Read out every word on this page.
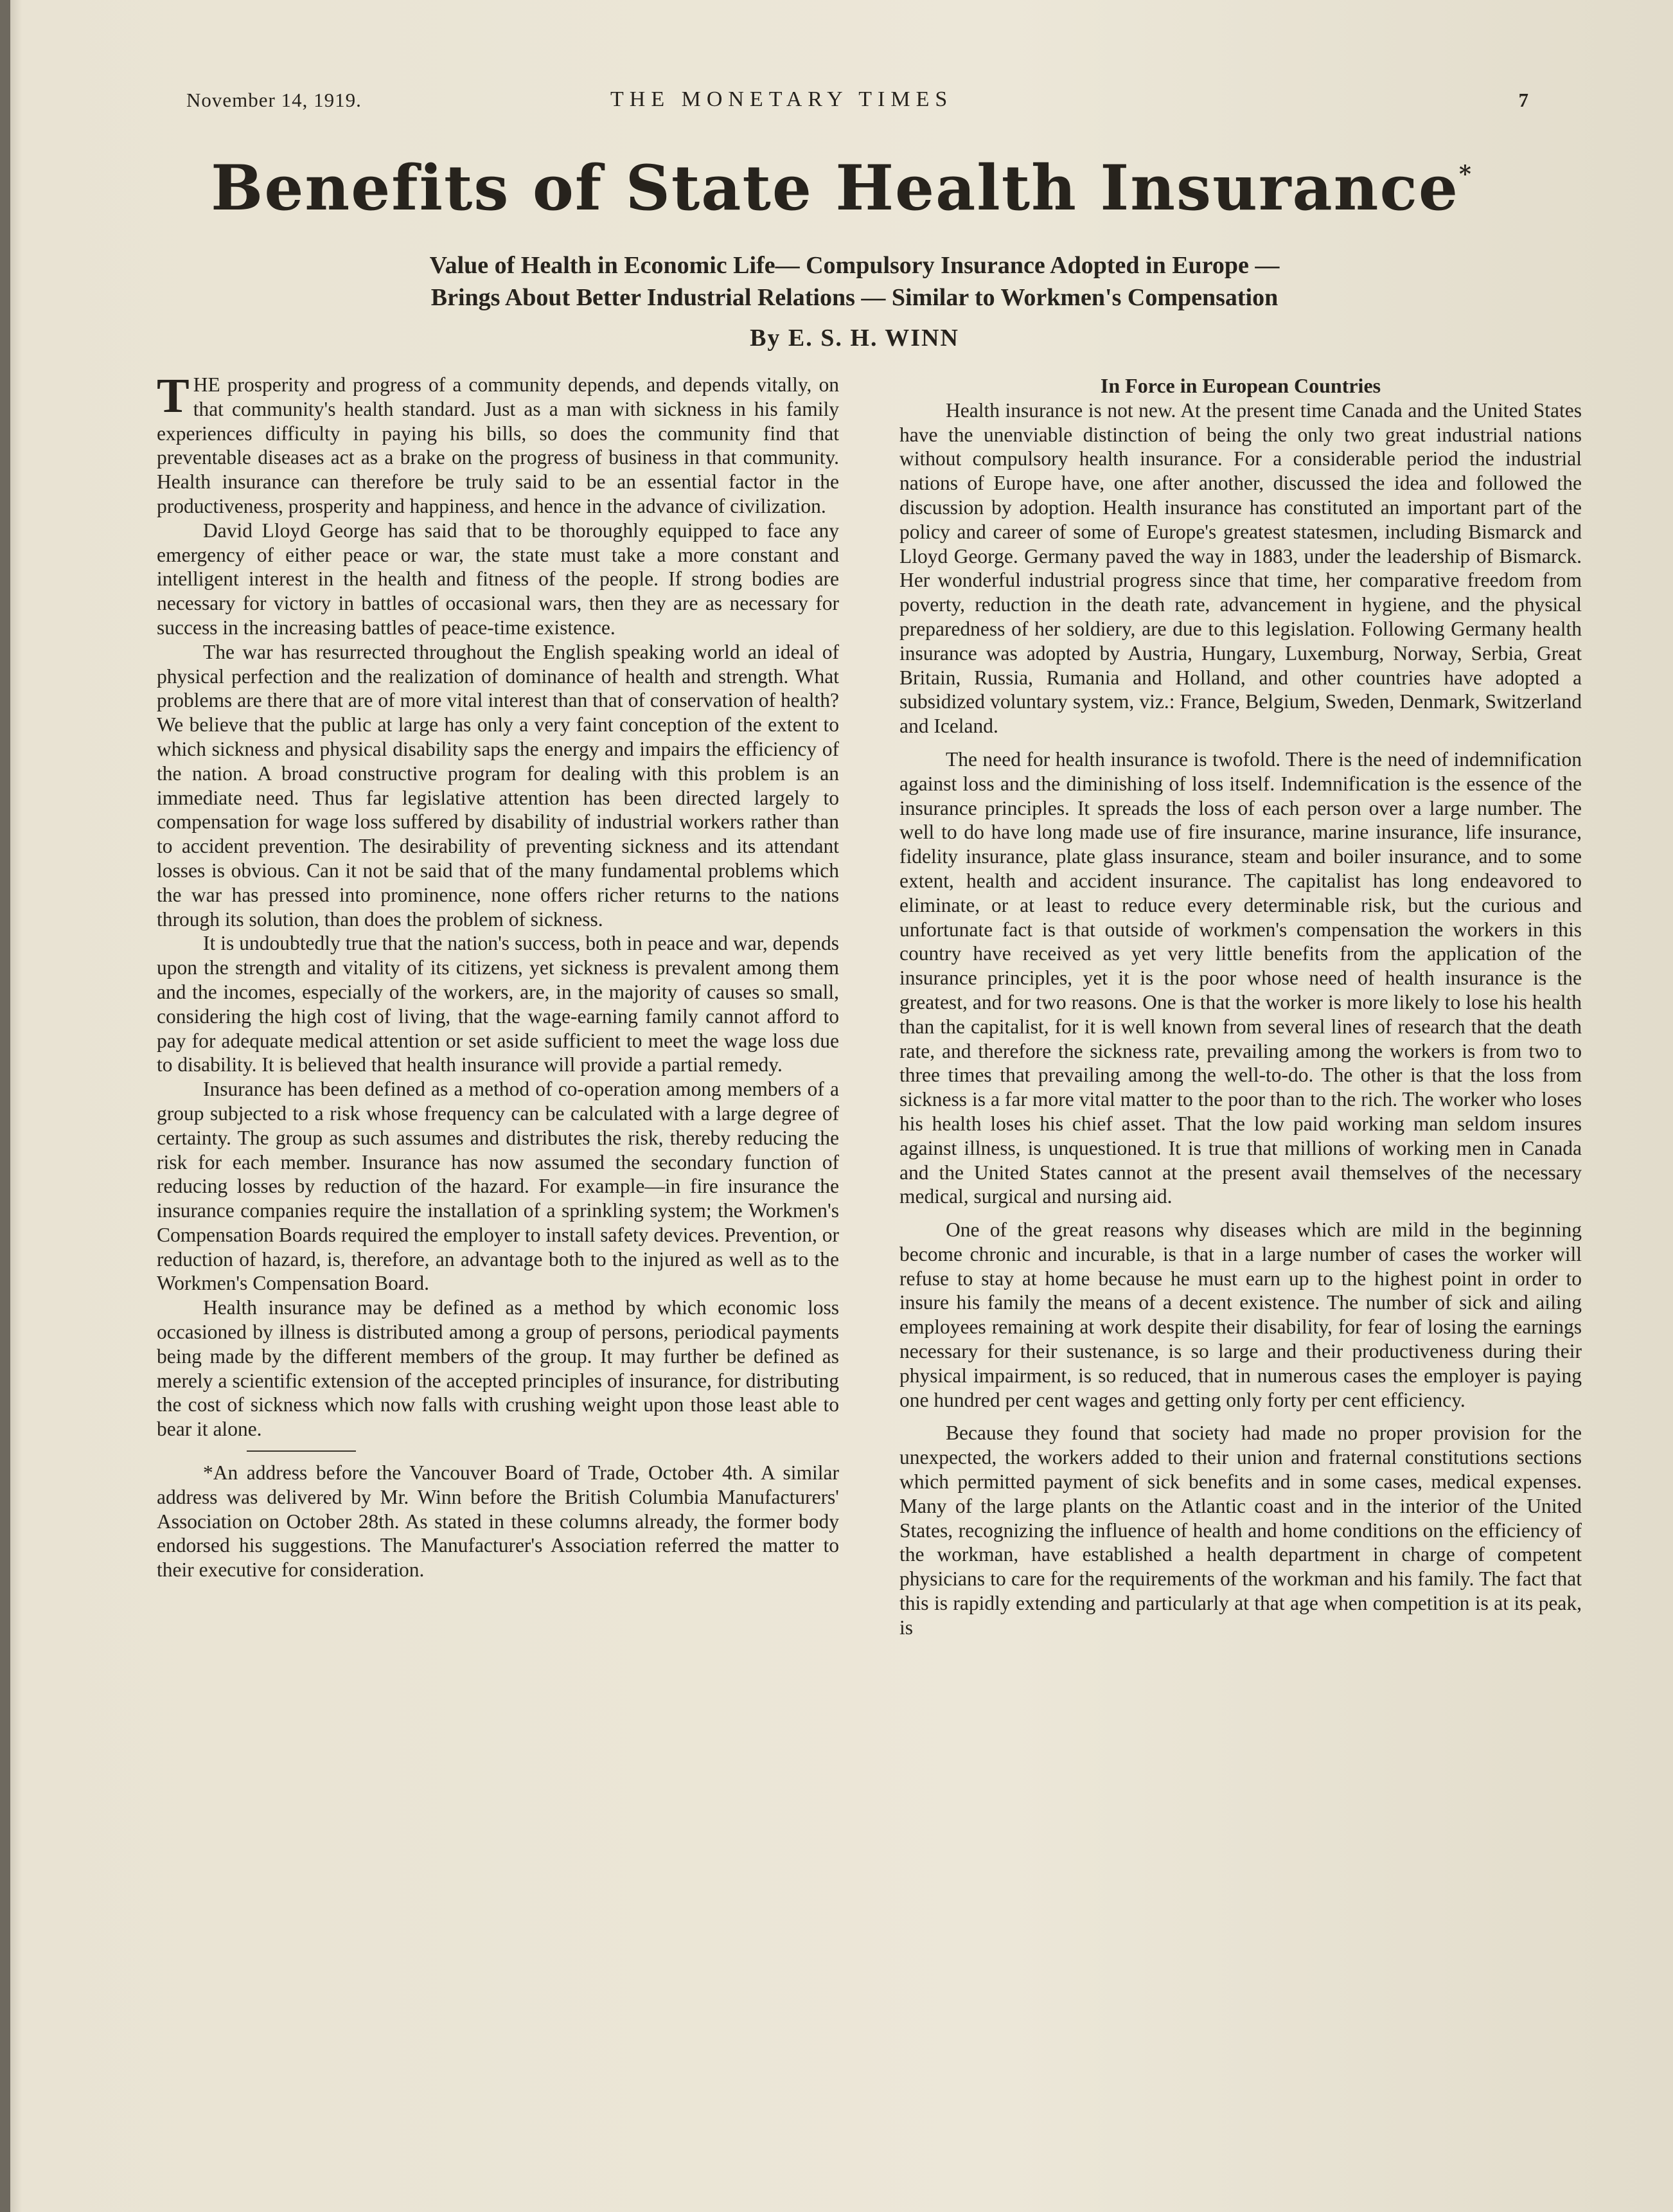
November 14, 1919.	THE MONETARY TIMES	7
Benefits of State Health Insurance*
Value of Health in Economic Life— Compulsory Insurance Adopted in Europe —
Brings About Better Industrial Relations — Similar to Workmen's Compensation
By E. S. H. WINN

THE prosperity and progress of a community depends, and depends vitally, on that community's health standard. Just as a man with sickness in his family experiences difficulty in paying his bills, so does the community find that preventable diseases act as a brake on the progress of business in that community. Health insurance can therefore be truly said to be an essential factor in the productiveness, prosperity and happiness, and hence in the advance of civilization.

David Lloyd George has said that to be thoroughly equipped to face any emergency of either peace or war, the state must take a more constant and intelligent interest in the health and fitness of the people. If strong bodies are necessary for victory in battles of occasional wars, then they are as necessary for success in the increasing battles of peace-time existence.

The war has resurrected throughout the English speaking world an ideal of physical perfection and the realization of dominance of health and strength. What problems are there that are of more vital interest than that of conservation of health? We believe that the public at large has only a very faint conception of the extent to which sickness and physical disability saps the energy and impairs the efficiency of the nation. A broad constructive program for dealing with this problem is an immediate need. Thus far legislative attention has been directed largely to compensation for wage loss suffered by disability of industrial workers rather than to accident prevention. The desirability of preventing sickness and its attendant losses is obvious. Can it not be said that of the many fundamental problems which the war has pressed into prominence, none offers richer returns to the nations through its solution, than does the problem of sickness.

It is undoubtedly true that the nation's success, both in peace and war, depends upon the strength and vitality of its citizens, yet sickness is prevalent among them and the incomes, especially of the workers, are, in the majority of causes so small, considering the high cost of living, that the wage-earning family cannot afford to pay for adequate medical attention or set aside sufficient to meet the wage loss due to disability. It is believed that health insurance will provide a partial remedy.

Insurance has been defined as a method of co-operation among members of a group subjected to a risk whose frequency can be calculated with a large degree of certainty. The group as such assumes and distributes the risk, thereby reducing the risk for each member. Insurance has now assumed the secondary function of reducing losses by reduction of the hazard. For example—in fire insurance the insurance companies require the installation of a sprinkling system; the Workmen's Compensation Boards required the employer to install safety devices. Prevention, or reduction of hazard, is, therefore, an advantage both to the injured as well as to the Workmen's Compensation Board.

Health insurance may be defined as a method by which economic loss occasioned by illness is distributed among a group of persons, periodical payments being made by the different members of the group. It may further be defined as merely a scientific extension of the accepted principles of insurance, for distributing the cost of sickness which now falls with crushing weight upon those least able to bear it alone.

*An address before the Vancouver Board of Trade, October 4th. A similar address was delivered by Mr. Winn before the British Columbia Manufacturers' Association on October 28th. As stated in these columns already, the former body endorsed his suggestions. The Manufacturer's Association referred the matter to their executive for consideration.

In Force in European Countries

Health insurance is not new. At the present time Canada and the United States have the unenviable distinction of being the only two great industrial nations without compulsory health insurance. For a considerable period the industrial nations of Europe have, one after another, discussed the idea and followed the discussion by adoption. Health insurance has constituted an important part of the policy and career of some of Europe's greatest statesmen, including Bismarck and Lloyd George. Germany paved the way in 1883, under the leadership of Bismarck. Her wonderful industrial progress since that time, her comparative freedom from poverty, reduction in the death rate, advancement in hygiene, and the physical preparedness of her soldiery, are due to this legislation. Following Germany health insurance was adopted by Austria, Hungary, Luxemburg, Norway, Serbia, Great Britain, Russia, Rumania and Holland, and other countries have adopted a subsidized voluntary system, viz.: France, Belgium, Sweden, Denmark, Switzerland and Iceland.

The need for health insurance is twofold. There is the need of indemnification against loss and the diminishing of loss itself. Indemnification is the essence of the insurance principles. It spreads the loss of each person over a large number. The well to do have long made use of fire insurance, marine insurance, life insurance, fidelity insurance, plate glass insurance, steam and boiler insurance, and to some extent, health and accident insurance. The capitalist has long endeavored to eliminate, or at least to reduce every determinable risk, but the curious and unfortunate fact is that outside of workmen's compensation the workers in this country have received as yet very little benefits from the application of the insurance principles, yet it is the poor whose need of health insurance is the greatest, and for two reasons. One is that the worker is more likely to lose his health than the capitalist, for it is well known from several lines of research that the death rate, and therefore the sickness rate, prevailing among the workers is from two to three times that prevailing among the well-to-do. The other is that the loss from sickness is a far more vital matter to the poor than to the rich. The worker who loses his health loses his chief asset. That the low paid working man seldom insures against illness, is unquestioned. It is true that millions of working men in Canada and the United States cannot at the present avail themselves of the necessary medical, surgical and nursing aid.

One of the great reasons why diseases which are mild in the beginning become chronic and incurable, is that in a large number of cases the worker will refuse to stay at home because he must earn up to the highest point in order to insure his family the means of a decent existence. The number of sick and ailing employees remaining at work despite their disability, for fear of losing the earnings necessary for their sustenance, is so large and their productiveness during their physical impairment, is so reduced, that in numerous cases the employer is paying one hundred per cent wages and getting only forty per cent efficiency.

Because they found that society had made no proper provision for the unexpected, the workers added to their union and fraternal constitutions sections which permitted payment of sick benefits and in some cases, medical expenses. Many of the large plants on the Atlantic coast and in the interior of the United States, recognizing the influence of health and home conditions on the efficiency of the workman, have established a health department in charge of competent physicians to care for the requirements of the workman and his family. The fact that this is rapidly extending and particularly at that age when competition is at its peak, is
